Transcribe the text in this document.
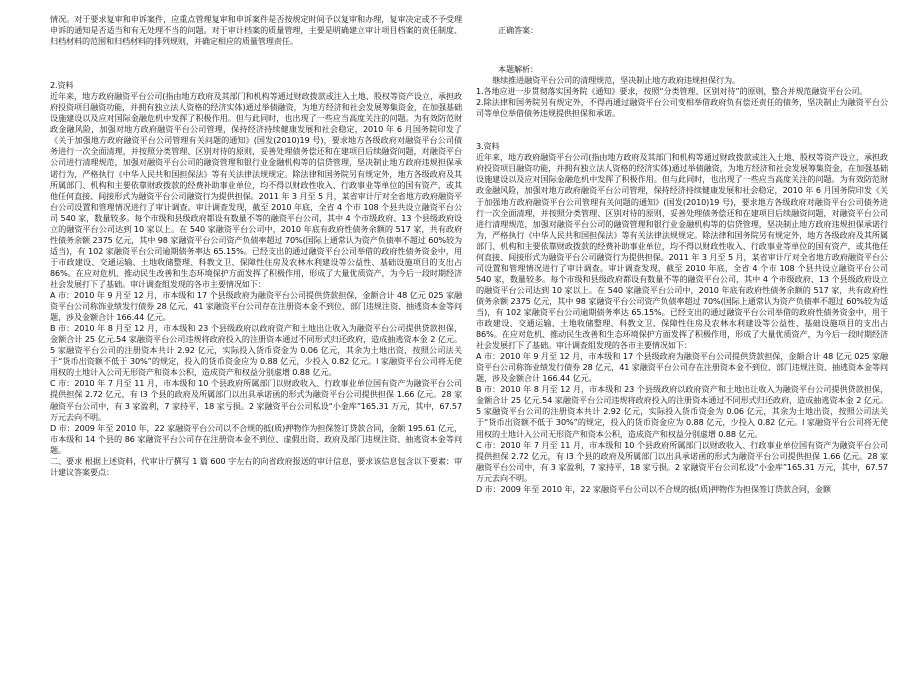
情况。对于要求复审和申诉案件，应重点管理复审和申诉案件是否按规定时间予以复审和办理，复审决定或不予受理申诉的通知是否适当和有无处理不当的问题。对于审计档案的质量管理，主要是明确建立审计项目档案的责任制度、归档材料的范围和归档材料的排列规则，并确定相应的质量管理责任。

2.资料

近年来，地方政府融资平台公司(指由地方政府及其部门和机构等通过财政拨款或注入土地、股权等资产设立，承担政府投资项目融资功能，并拥有独立法人资格的经济实体)通过举债融资，为地方经济和社会发展筹集资金，在加强基础设施建设以及应对国际金融危机中发挥了积极作用。但与此同时，也出现了一些应当高度关注的问题。为有效防范财政金融风险，加强对地方政府融资平台公司管理，保持经济持续健康发展和社会稳定，2010 年 6 月国务院印发了《关于加强地方政府融资平台公司管理有关问题的通知》(国发(2010)19 号)，要求地方各级政府对融资平台公司债务进行一次全面清理，并按照分类管理、区别对待的原则，妥善处理债务偿还和在建项目后续融资问题，对融资平台公司进行清理规范，加强对融资平台公司的融资管理和银行业金融机构等的信贷管理，坚决制止地方政府违规担保承诺行为，严格执行《中华人民共和国担保法》等有关法律法规规定。除法律和国务院另有规定外，地方各级政府及其所属部门、机构和主要依靠财政拨款的经费补助事业单位，均不得以财政性收入、行政事业等单位的国有资产，或其他任何直接、间接形式为融资平台公司融资行为提供担保。2011 年 3 月至 5 月，某省审计厅对全省地方政府融资平台公司设置和管理情况进行了审计调查。审计调查发现，截至 2010 年底，全省 4 个市 108 个县共设立融资平台公司 540 家，数量较多。每个市级和县级政府都设有数量不等的融资平台公司，其中 4 个市级政府、13 个县级政府设立的融资平台公司达到 10 家以上。在 540 家融资平台公司中，2010 年底有政府性债务余额的 517 家，共有政府性债务余额 2375 亿元，其中 98 家融资平台公司资产负债率超过 70%(国际上通常认为资产负债率不超过 60%较为适当)，有 102 家融资平台公司逾期债务率达 65.15%。已经支出的通过融资平台公司举借的政府性债务资金中，用于市政建设、交通运输、土地收储整理、科教文卫、保障性住房及农林水利建设等公益性、基础设施项目的支出占 86%。在应对危机、推动民生改善和生态环境保护方面发挥了积极作用，形成了大量优质资产，为今后一段时期经济社会发展打下了基础。审计调查组发现的各市主要情况如下：

A 市：2010 年 9 月至 12 月，市本级和 17 个县级政府为融资平台公司提供贷款担保，金额合计 48 亿元 025 家融资平台公司称饰业绩发行债券 28 亿元，41 家融资平台公司存在注册资本金不到位、部门违规注资、抽逃资本金等问题，涉及金额合计 166.44 亿元。

B 市：2010 年 8 月至 12 月，市本级和 23 个县级政府以政府资产和土地出让收入为融资平台公司提供贷款担保，金额合计 25 亿元.54 家融资平台公司违规将政府投入的注册资本通过不同形式归还政府，造成抽逃资本金 2 亿元。5 家融资平台公司的注册资本共计 2.92 亿元，实际投入货币资金为 0.06 亿元，其余为土地出资，按照公司法关于“货币出资额不低于 30%”的规定，投入的货币资金应为 0.88 亿元，少投入 0.82 亿元。l 家融资平台公司将无使用权的土地计入公司无形资产和资本公积，造成资产和权益分别虚增 0.88 亿元。

C 市：2010 年 7 月至 11 月，市本级和 10 个县政府所属部门以财政收入、行政事业单位国有资产为融资平台公司提供担保 2.72 亿元，有 l3 个县的政府及所属部门以出具承诺函的形式为融资平台公司提供担保 1.66 亿元。28 家融资平台公司中，有 3 家盈利，7 家持平，18 家亏损。2 家融资平台公司私设“小金库”165.31 万元，其中，67.57 万元去向不明。

D 市：2009 年至 2010 年，22 家融资平台公司以不合规的抵(质)押物作为担保签订贷款合同，金额 195.61 亿元，市本级和 14 个县的 86 家融资平台公司存在注册资本金不到位、虚假出资、政府及部门违规注资、抽逃资本金等问题。

二、要求 根据上述资料，代审计厅撰写 1 篇 600 字左右的向省政府报送的审计信息，要求该信息包含以下要素：审计建议答案要点：

正确答案：

本题解析：

继续推进融资平台公司的清理规范，坚决制止地方政府违规担保行为。

1.各地应进一步贯彻落实国务院《通知》要求，按照“分类管理、区别对待”的原则，整合并规范融资平台公司。

2.除法律和国务院另有规定外，不得再通过融资平台公司变相举借政府负有偿还责任的债务，坚决制止为融资平台公司等单位举借债务违规提供担保和承诺。

3.资料

近年来，地方政府融资平台公司(指由地方政府及其部门和机构等通过财政拨款或注入土地、股权等资产设立，承担政府投资项目融资功能，并拥有独立法人资格的经济实体)通过举债融资，为地方经济和社会发展筹集资金，在加强基础设施建设以及应对国际金融危机中发挥了积极作用。但与此同时，也出现了一些应当高度关注的问题。为有效防范财政金融风险，加强对地方政府融资平台公司管理，保持经济持续健康发展和社会稳定，2010 年 6 月国务院印发《关于加强地方政府融资平台公司管理有关问题的通知》(国发(2010)19 号)，要求地方各级政府对融资平台公司债务进行一次全面清理，并按照分类管理、区别对待的原则，妥善处理债务偿还和在建项目后续融资问题，对融资平台公司进行清理规范，加强对融资平台公司的融资管理和银行业金融机构等的信贷管理，坚决制止地方政府违规担保承诺行为，严格执行《中华人民共和国担保法》等有关法律法规规定。除法律和国务院另有规定外，地方各级政府及其所属部门、机构和主要依靠财政拨款的经费补助事业单位，均不得以财政性收入、行政事业等单位的国有资产，或其他任何直接、间接形式为融资平台公司融资行为提供担保。2011 年 3 月至 5 月，某省审计厅对全省地方政府融资平台公司设置和管理情况进行了审计调查。审计调查发现，截至 2010 年底，全省 4 个市 108 个县共设立融资平台公司 540 家，数量较多。每个市级和县级政府都设有数量不等的融资平台公司，其中 4 个市级政府、13 个县级政府设立的融资平台公司达到 10 家以上。在 540 家融资平台公司中，2010 年底有政府性债务余额的 517 家，共有政府性债务余额 2375 亿元，其中 98 家融资平台公司资产负债率超过 70%(国际上通常认为资产负债率不超过 60%较为适当)，有 102 家融资平台公司逾期债务率达 65.15%。已经支出的通过融资平台公司举借的政府性债务资金中，用于市政建设、交通运输、土地收储整理、科教文卫、保障性住房及农林水利建设等公益性、基础设施项目的支出占 86%。在应对危机、推动民生改善和生态环境保护方面发挥了积极作用，形成了大量优质资产，为今后一段时期经济社会发展打下了基础。审计调查组发现的各市主要情况如下：

A 市：2010 年 9 月至 12 月，市本级和 17 个县级政府为融资平台公司提供贷款担保，金额合计 48 亿元 025 家融资平台公司称饰业绩发行债券 28 亿元，41 家融资平台公司存在注册资本金不到位、部门违规注资、抽逃资本金等问题，涉及金额合计 166.44 亿元。

B 市：2010 年 8 月至 12 月，市本级和 23 个县级政府以政府资产和土地出让收入为融资平台公司提供贷款担保，金额合计 25 亿元.54 家融资平台公司违规将政府投入的注册资本通过不同形式归还政府，造成抽逃资本金 2 亿元。5 家融资平台公司的注册资本共计 2.92 亿元，实际投入货币资金为 0.06 亿元，其余为土地出资，按照公司法关于“货币出资额不低于 30%”的规定，投入的货币资金应为 0.88 亿元，少投入 0.82 亿元。l 家融资平台公司将无使用权的土地计入公司无形资产和资本公积，造成资产和权益分别虚增 0.88 亿元。

C 市：2010 年 7 月至 11 月，市本级和 10 个县政府所属部门以财政收入、行政事业单位国有资产为融资平台公司提供担保 2.72 亿元，有 l3 个县的政府及所属部门以出具承诺函的形式为融资平台公司提供担保 1.66 亿元。28 家融资平台公司中，有 3 家盈利，7 家持平，18 家亏损。2 家融资平台公司私设“小金库”165.31 万元，其中，67.57 万元去向不明。

D 市：2009 年至 2010 年，22 家融资平台公司以不合规的抵(质)押物作为担保签订贷款合同，金额
